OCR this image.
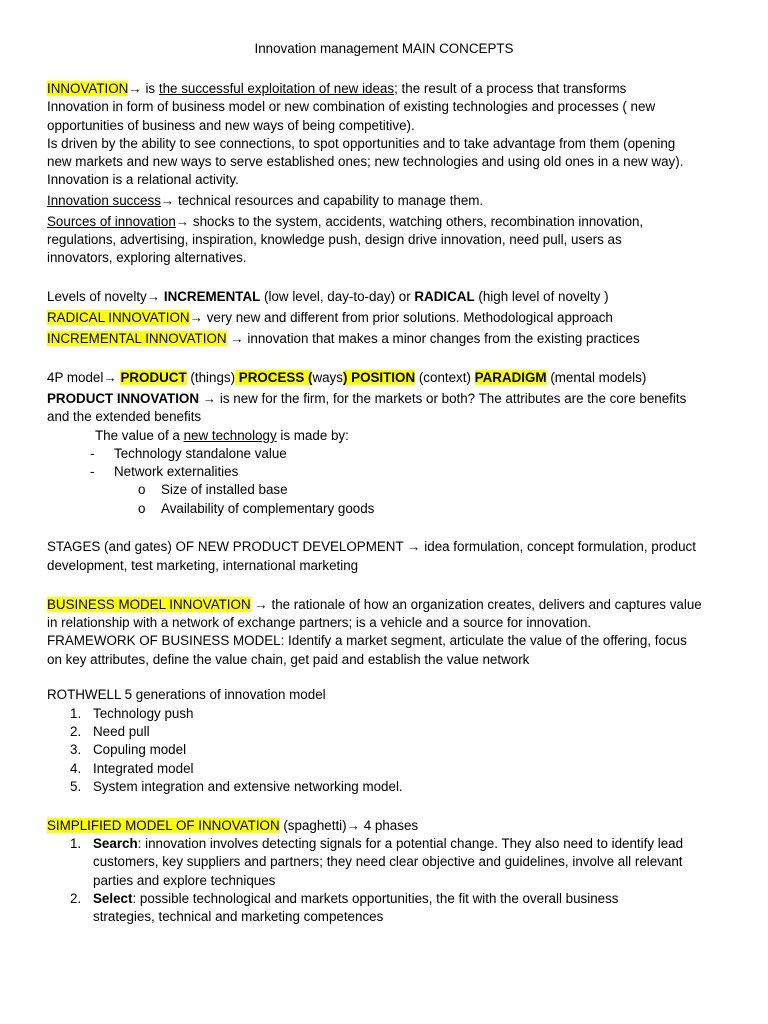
Innovation management MAIN CONCEPTS
INNOVATION→ is the successful exploitation of new ideas; the result of a process that transforms
Innovation in form of business model or new combination of existing technologies and processes ( new
opportunities of business and new ways of being competitive).
Is driven by the ability to see connections, to spot opportunities and to take advantage from them (opening
new markets and new ways to serve established ones; new technologies and using old ones in a new way).
Innovation is a relational activity.
Innovation success→ technical resources and capability to manage them.
Sources of innovation→ shocks to the system, accidents, watching others, recombination innovation,
regulations, advertising, inspiration, knowledge push, design drive innovation, need pull, users as
innovators, exploring alternatives.
Levels of novelty→ INCREMENTAL (low level, day-to-day) or RADICAL (high level of novelty )
RADICAL INNOVATION→ very new and different from prior solutions. Methodological approach
INCREMENTAL INNOVATION → innovation that makes a minor changes from the existing practices
4P model→ PRODUCT (things) PROCESS (ways) POSITION (context) PARADIGM (mental models)
PRODUCT INNOVATION → is new for the firm, for the markets or both? The attributes are the core benefits
and the extended benefits
The value of a new technology is made by:
- Technology standalone value
- Network externalities
o Size of installed base
o Availability of complementary goods
STAGES (and gates) OF NEW PRODUCT DEVELOPMENT → idea formulation, concept formulation, product
development, test marketing, international marketing
BUSINESS MODEL INNOVATION → the rationale of how an organization creates, delivers and captures value
in relationship with a network of exchange partners; is a vehicle and a source for innovation.
FRAMEWORK OF BUSINESS MODEL: Identify a market segment, articulate the value of the offering, focus
on key attributes, define the value chain, get paid and establish the value network
ROTHWELL 5 generations of innovation model
1. Technology push
2. Need pull
3. Copuling model
4. Integrated model
5. System integration and extensive networking model.
SIMPLIFIED MODEL OF INNOVATION (spaghetti)→ 4 phases
1. Search: innovation involves detecting signals for a potential change. They also need to identify lead
customers, key suppliers and partners; they need clear objective and guidelines, involve all relevant
parties and explore techniques
2. Select: possible technological and markets opportunities, the fit with the overall business
strategies, technical and marketing competences
